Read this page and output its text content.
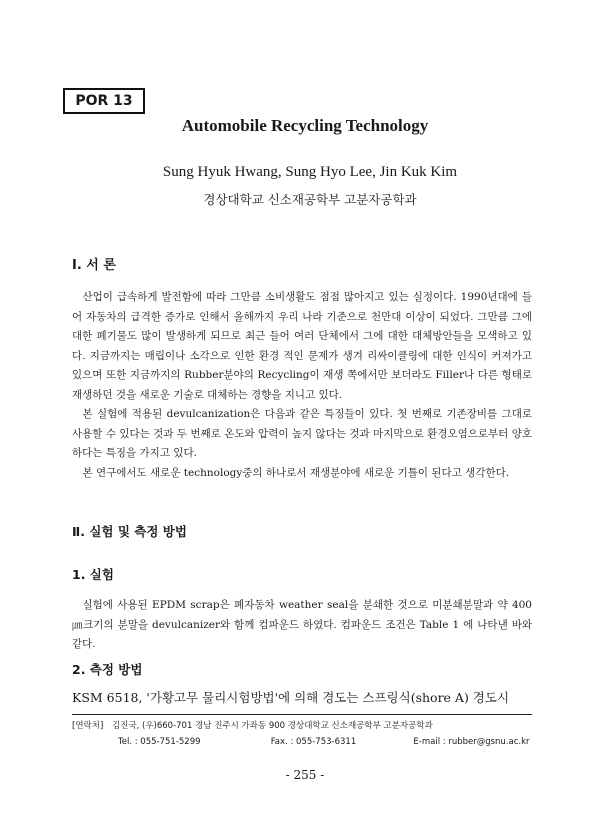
POR 13
Automobile Recycling Technology
Sung Hyuk Hwang, Sung Hyo Lee, Jin Kuk Kim
경상대학교 신소재공학부 고분자공학과
Ⅰ. 서 론

산업이 급속하게 발전함에 따라 그만큼 소비생활도 점점 많아지고 있는 실정이다. 1990년대에 들어 자동차의 급격한 증가로 인해서 올해까지 우리 나라 기준으로 천만대 이상이 되었다. 그만큼 그에 대한 폐기물도 많이 발생하게 되므로 최근 들어 여러 단체에서 그에 대한 대체방안들을 모색하고 있다. 지금까지는 매립이나 소각으로 인한 환경 적인 문제가 생겨 리싸이클링에 대한 인식이 커져가고 있으며 또한 지금까지의 Rubber분야의 Recycling이 재생 쪽에서만 보더라도 Filler나 다른 형태로 재생하던 것을 새로운 기술로 대체하는 경향을 지니고 있다.

본 실험에 적용된 devulcanization은 다음과 같은 특징들이 있다. 첫 번째로 기존장비를 그대로 사용할 수 있다는 것과 두 번째로 온도와 압력이 높지 않다는 것과 마지막으로 환경오염으로부터 양호하다는 특징을 가지고 있다.

본 연구에서도 새로운 technology중의 하나로서 재생분야에 새로운 기틀이 된다고 생각한다.

Ⅱ. 실험 및 측정 방법
1. 실험

실험에 사용된 EPDM scrap은 폐자동차 weather seal을 분쇄한 것으로 미분쇄분말과 약 400 ㎛크기의 분말을 devulcanizer와 함께 컴파운드 하였다. 컴파운드 조건은 Table 1 에 나타낸 바와 같다.

2. 측정 방법
KSM 6518, '가황고무 물리시험방법'에 의해 경도는 스프링식(shore A) 경도시
[연락처] 김진국, (우)660-701 경남 진주시 가좌동 900 경상대학교 신소재공학부 고분자공학과
Tel. : 055-751-5299	Fax. : 055-753-6311	E-mail : rubber@gsnu.ac.kr
- 255 -
